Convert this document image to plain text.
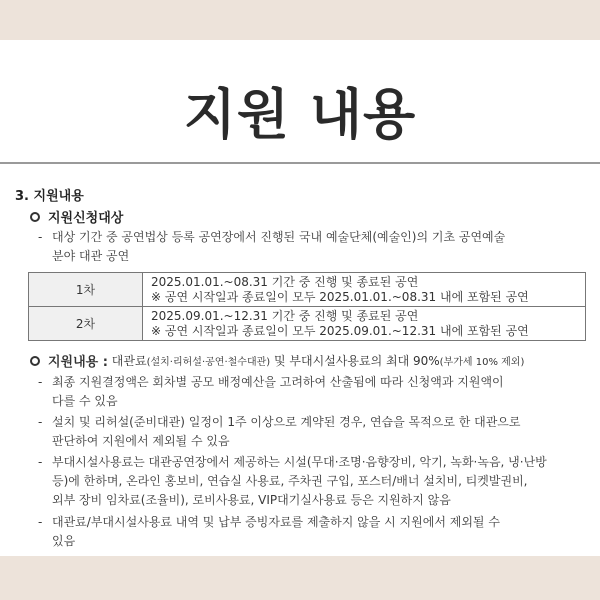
지원 내용
3. 지원내용
지원신청대상
- 대상 기간 중 공연법상 등록 공연장에서 진행된 국내 예술단체(예술인)의 기초 공연예술
분야 대관 공연
1차	2025.01.01.~08.31 기간 중 진행 및 종료된 공연
※ 공연 시작일과 종료일이 모두 2025.01.01.~08.31 내에 포함된 공연

2차	2025.09.01.~12.31 기간 중 진행 및 종료된 공연
※ 공연 시작일과 종료일이 모두 2025.09.01.~12.31 내에 포함된 공연
지원내용 :
대관료 (설치·리허설·공연·철수대관)
및 부대시설사용료의 최대 90% (부가세 10% 제외)
- 최종 지원결정액은 회차별 공모 배정예산을 고려하여 산출됨에 따라 신청액과 지원액이
다를 수 있음
- 설치 및 리허설(준비대관) 일정이 1주 이상으로 계약된 경우, 연습을 목적으로 한 대관으로
판단하여 지원에서 제외될 수 있음
- 부대시설사용료는 대관공연장에서 제공하는 시설(무대·조명·음향장비, 악기, 녹화·녹음, 냉·난방
등)에 한하며, 온라인 홍보비, 연습실 사용료, 주차권 구입, 포스터/배너 설치비, 티켓발권비,
외부 장비 임차료(조율비), 로비사용료, VIP대기실사용료 등은 지원하지 않음
- 대관료/부대시설사용료 내역 및 납부 증빙자료를 제출하지 않을 시 지원에서 제외될 수
있음
